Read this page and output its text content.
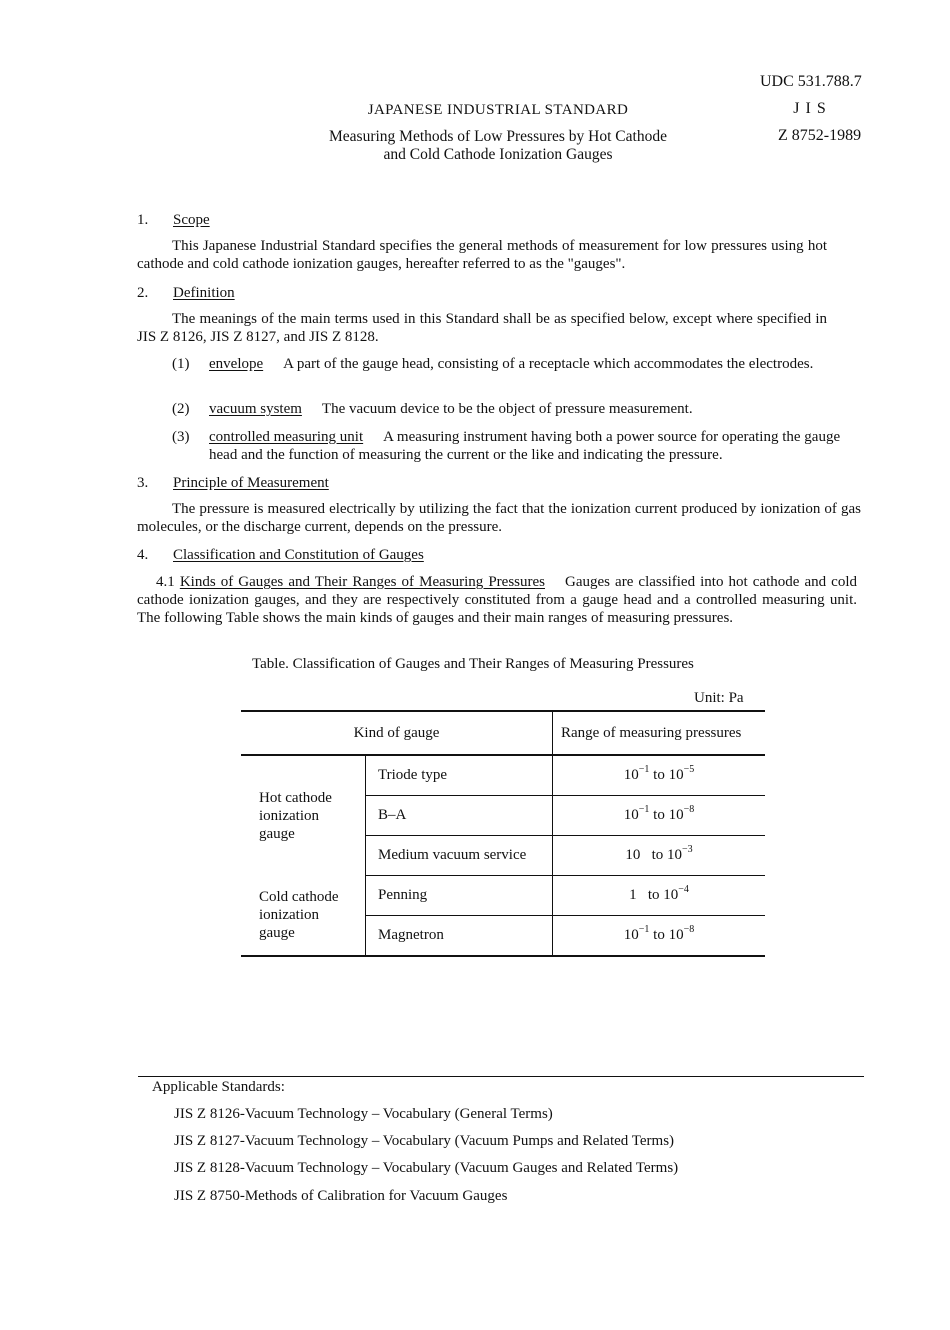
UDC 531.788.7

J I S

Z 8752-1989

JAPANESE INDUSTRIAL STANDARD

Measuring Methods of Low Pressures by Hot Cathode

and Cold Cathode Ionization Gauges

1. Scope

This Japanese Industrial Standard specifies the general methods of measurement for low pressures using hot cathode and cold cathode ionization gauges, hereafter referred to as the "gauges".

2. Definition

The meanings of the main terms used in this Standard shall be as specified below, except where specified in JIS Z 8126, JIS Z 8127, and JIS Z 8128.

(1) envelope A part of the gauge head, consisting of a receptacle which accommodates the electrodes.
(2) vacuum system The vacuum device to be the object of pressure measurement.
(3) controlled measuring unit A measuring instrument having both a power source for operating the gauge head and the function of measuring the current or the like and indicating the pressure.

3. Principle of Measurement

The pressure is measured electrically by utilizing the fact that the ionization current produced by ionization of gas molecules, or the discharge current, depends on the pressure.

4. Classification and Constitution of Gauges

4.1 Kinds of Gauges and Their Ranges of Measuring Pressures Gauges are classified into hot cathode and cold cathode ionization gauges, and they are respectively constituted from a gauge head and a controlled measuring unit. The following Table shows the main kinds of gauges and their main ranges of measuring pressures.

Table. Classification of Gauges and Their Ranges of Measuring Pressures

Unit: Pa

Kind of gauge		Range of measuring pressures
Hot cathode ionization gauge	Triode type	$10^{-1}$ to $10^{-5}$
	B–A	$10^{-1}$ to $10^{-8}$
	Medium vacuum service	10 to $10^{-3}$
Cold cathode ionization gauge	Penning	1 to $10^{-4}$
	Magnetron	$10^{-1}$ to $10^{-8}$

Applicable Standards:

JIS Z 8126-Vacuum Technology – Vocabulary (General Terms)

JIS Z 8127-Vacuum Technology – Vocabulary (Vacuum Pumps and Related Terms)

JIS Z 8128-Vacuum Technology – Vocabulary (Vacuum Gauges and Related Terms)

JIS Z 8750-Methods of Calibration for Vacuum Gauges
